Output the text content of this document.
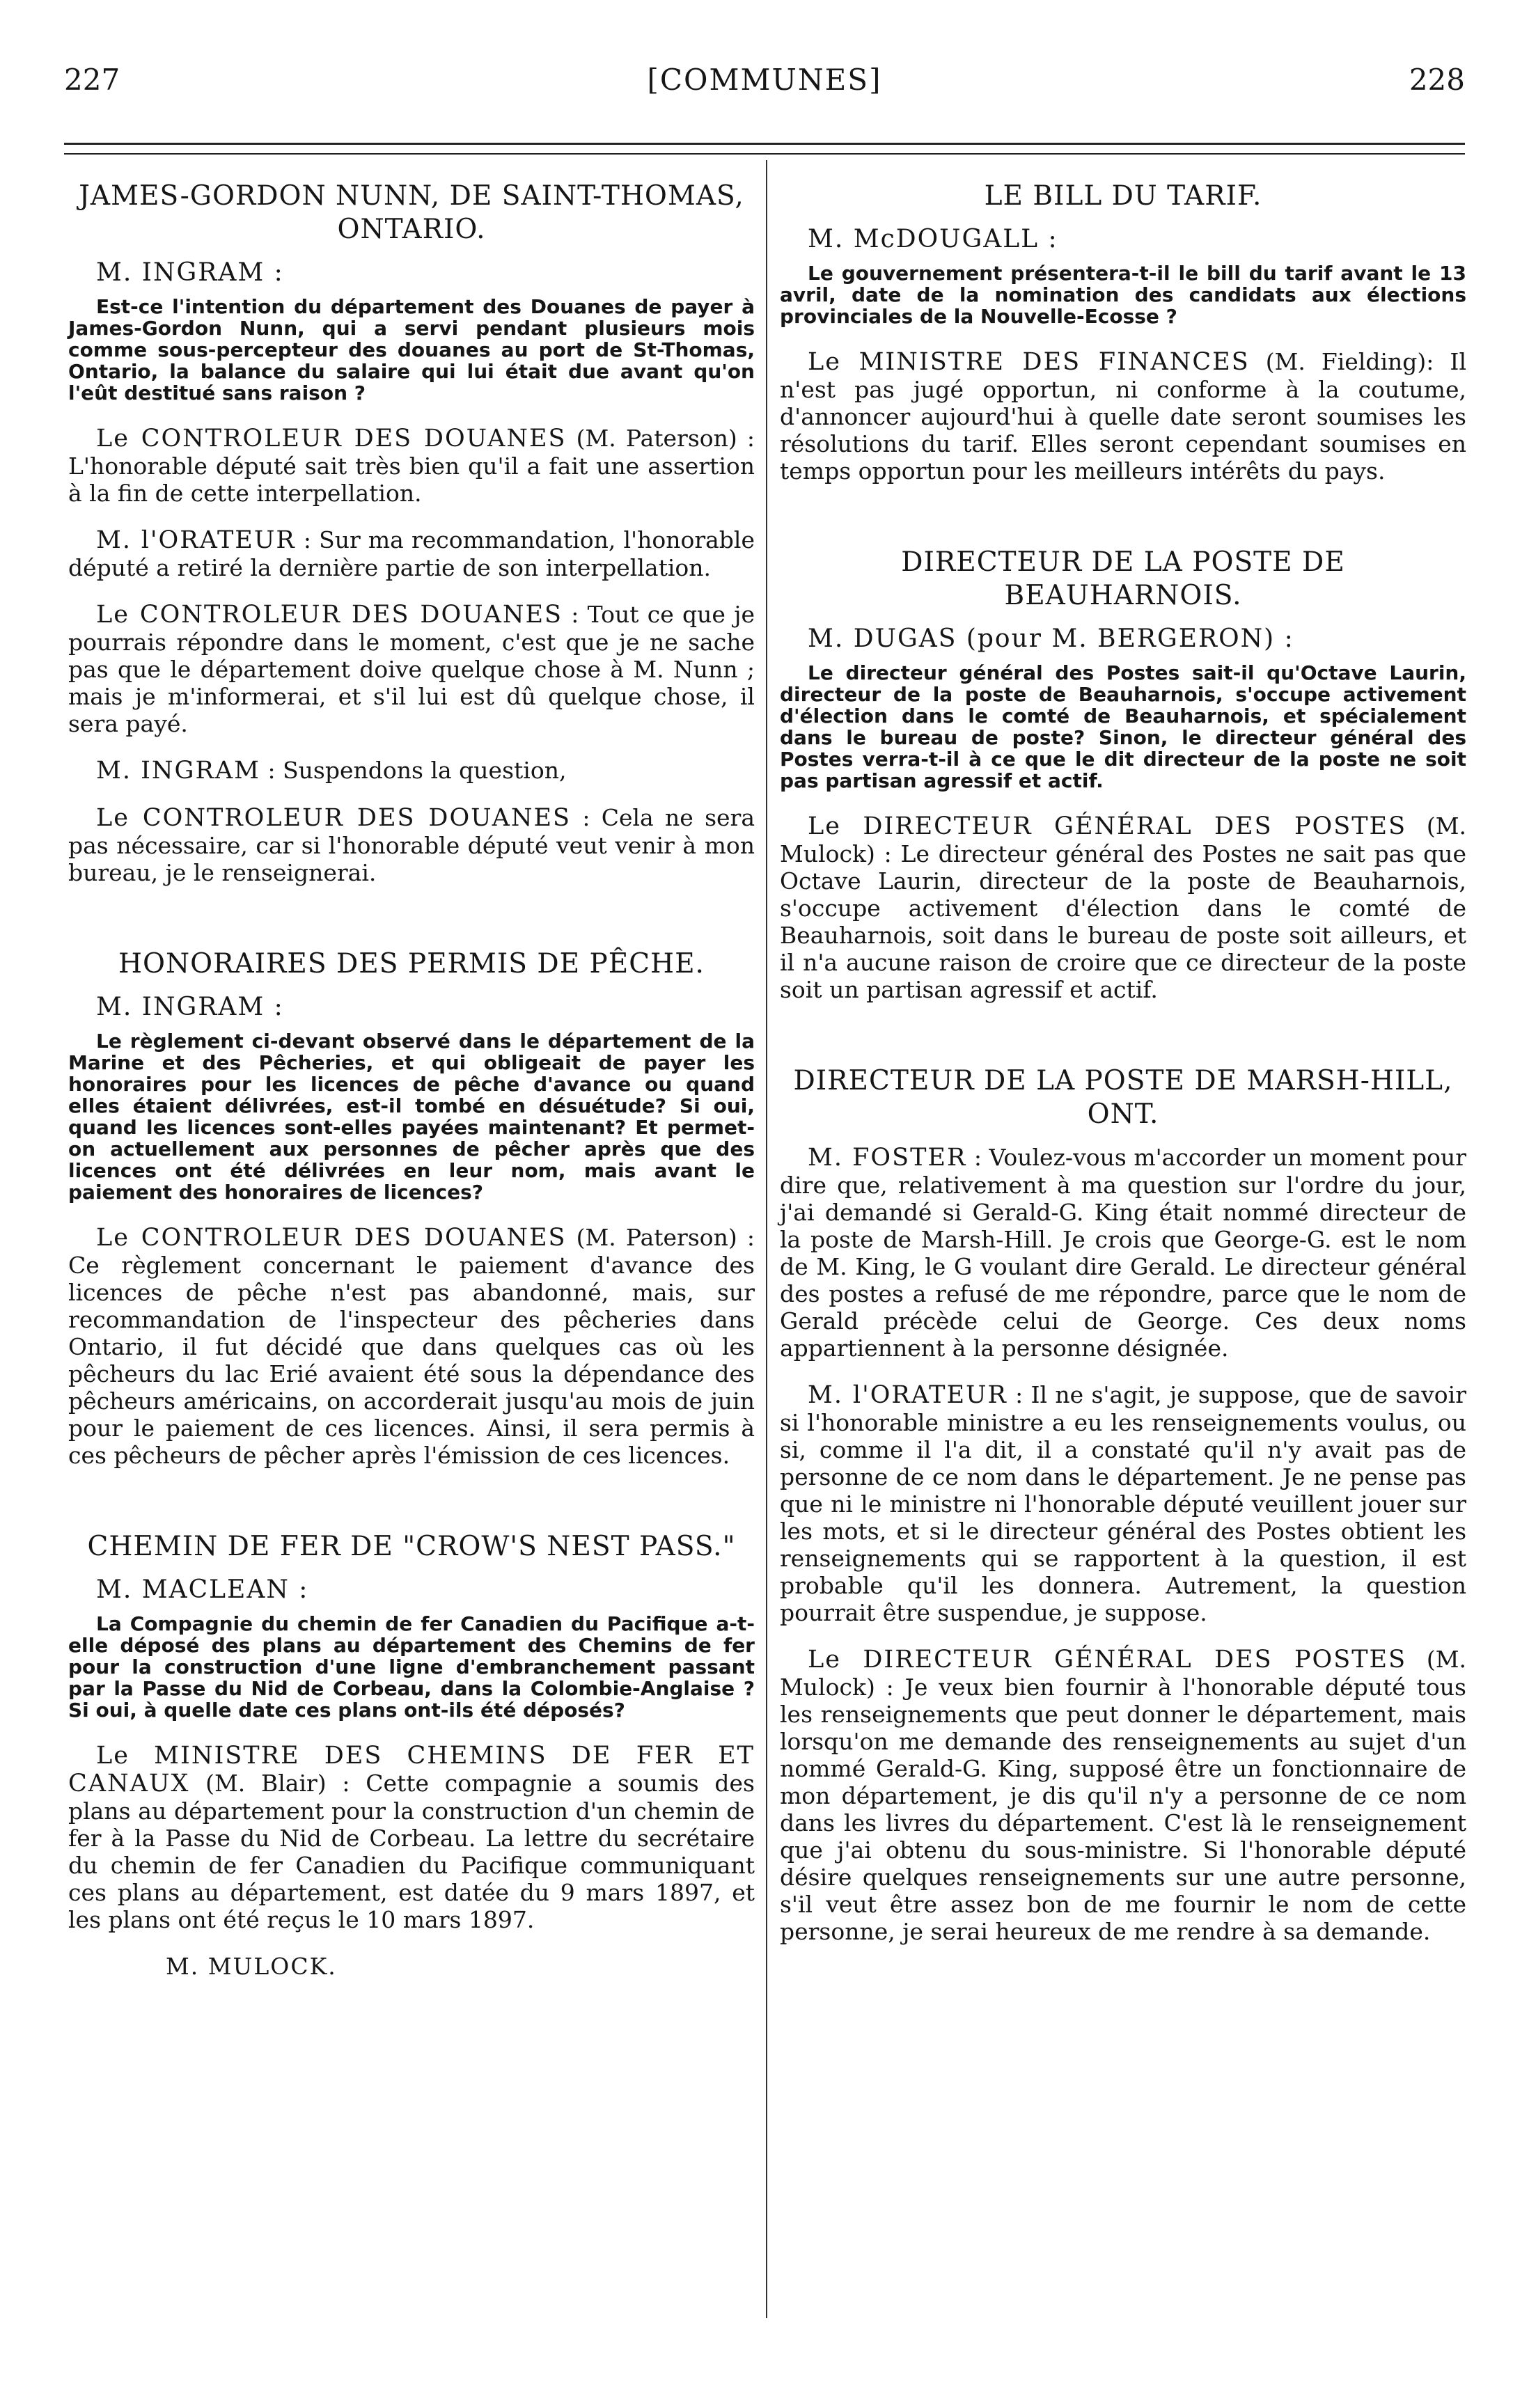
227	[COMMUNES]	228
JAMES-GORDON NUNN, DE SAINT-THOMAS, ONTARIO.
M. INGRAM :
Est-ce l'intention du département des Douanes de payer à James-Gordon Nunn, qui a servi pendant plusieurs mois comme sous-percepteur des douanes au port de St-Thomas, Ontario, la balance du salaire qui lui était due avant qu'on l'eût destitué sans raison ?
Le CONTROLEUR DES DOUANES (M. Paterson) : L'honorable député sait très bien qu'il a fait une assertion à la fin de cette interpellation.
M. l'ORATEUR : Sur ma recommandation, l'honorable député a retiré la dernière partie de son interpellation.
Le CONTROLEUR DES DOUANES : Tout ce que je pourrais répondre dans le moment, c'est que je ne sache pas que le département doive quelque chose à M. Nunn ; mais je m'informerai, et s'il lui est dû quelque chose, il sera payé.
M. INGRAM : Suspendons la question,
Le CONTROLEUR DES DOUANES : Cela ne sera pas nécessaire, car si l'honorable député veut venir à mon bureau, je le renseignerai.
HONORAIRES DES PERMIS DE PÊCHE.
M. INGRAM :
Le règlement ci-devant observé dans le département de la Marine et des Pêcheries, et qui obligeait de payer les honoraires pour les licences de pêche d'avance ou quand elles étaient délivrées, est-il tombé en désuétude? Si oui, quand les licences sont-elles payées maintenant? Et permet-on actuellement aux personnes de pêcher après que des licences ont été délivrées en leur nom, mais avant le paiement des honoraires de licences?
Le CONTROLEUR DES DOUANES (M. Paterson) : Ce règlement concernant le paiement d'avance des licences de pêche n'est pas abandonné, mais, sur recommandation de l'inspecteur des pêcheries dans Ontario, il fut décidé que dans quelques cas où les pêcheurs du lac Erié avaient été sous la dépendance des pêcheurs américains, on accorderait jusqu'au mois de juin pour le paiement de ces licences. Ainsi, il sera permis à ces pêcheurs de pêcher après l'émission de ces licences.
CHEMIN DE FER DE "CROW'S NEST PASS."
M. MACLEAN :
La Compagnie du chemin de fer Canadien du Pacifique a-t-elle déposé des plans au département des Chemins de fer pour la construction d'une ligne d'embranchement passant par la Passe du Nid de Corbeau, dans la Colombie-Anglaise ? Si oui, à quelle date ces plans ont-ils été déposés?
Le MINISTRE DES CHEMINS DE FER ET CANAUX (M. Blair) : Cette compagnie a soumis des plans au département pour la construction d'un chemin de fer à la Passe du Nid de Corbeau. La lettre du secrétaire du chemin de fer Canadien du Pacifique communiquant ces plans au département, est datée du 9 mars 1897, et les plans ont été reçus le 10 mars 1897.
M. MULOCK.
LE BILL DU TARIF.
M. McDOUGALL :
Le gouvernement présentera-t-il le bill du tarif avant le 13 avril, date de la nomination des candidats aux élections provinciales de la Nouvelle-Ecosse ?
Le MINISTRE DES FINANCES (M. Fielding): Il n'est pas jugé opportun, ni conforme à la coutume, d'annoncer aujourd'hui à quelle date seront soumises les résolutions du tarif. Elles seront cependant soumises en temps opportun pour les meilleurs intérêts du pays.
DIRECTEUR DE LA POSTE DE BEAUHARNOIS.
M. DUGAS (pour M. BERGERON) :
Le directeur général des Postes sait-il qu'Octave Laurin, directeur de la poste de Beauharnois, s'occupe activement d'élection dans le comté de Beauharnois, et spécialement dans le bureau de poste? Sinon, le directeur général des Postes verra-t-il à ce que le dit directeur de la poste ne soit pas partisan agressif et actif.
Le DIRECTEUR GÉNÉRAL DES POSTES (M. Mulock) : Le directeur général des Postes ne sait pas que Octave Laurin, directeur de la poste de Beauharnois, s'occupe activement d'élection dans le comté de Beauharnois, soit dans le bureau de poste soit ailleurs, et il n'a aucune raison de croire que ce directeur de la poste soit un partisan agressif et actif.
DIRECTEUR DE LA POSTE DE MARSH-HILL, ONT.
M. FOSTER : Voulez-vous m'accorder un moment pour dire que, relativement à ma question sur l'ordre du jour, j'ai demandé si Gerald-G. King était nommé directeur de la poste de Marsh-Hill. Je crois que George-G. est le nom de M. King, le G voulant dire Gerald. Le directeur général des postes a refusé de me répondre, parce que le nom de Gerald précède celui de George. Ces deux noms appartiennent à la personne désignée.
M. l'ORATEUR : Il ne s'agit, je suppose, que de savoir si l'honorable ministre a eu les renseignements voulus, ou si, comme il l'a dit, il a constaté qu'il n'y avait pas de personne de ce nom dans le département. Je ne pense pas que ni le ministre ni l'honorable député veuillent jouer sur les mots, et si le directeur général des Postes obtient les renseignements qui se rapportent à la question, il est probable qu'il les donnera. Autrement, la question pourrait être suspendue, je suppose.
Le DIRECTEUR GÉNÉRAL DES POSTES (M. Mulock) : Je veux bien fournir à l'honorable député tous les renseignements que peut donner le département, mais lorsqu'on me demande des renseignements au sujet d'un nommé Gerald-G. King, supposé être un fonctionnaire de mon département, je dis qu'il n'y a personne de ce nom dans les livres du département. C'est là le renseignement que j'ai obtenu du sous-ministre. Si l'honorable député désire quelques renseignements sur une autre personne, s'il veut être assez bon de me fournir le nom de cette personne, je serai heureux de me rendre à sa demande.
